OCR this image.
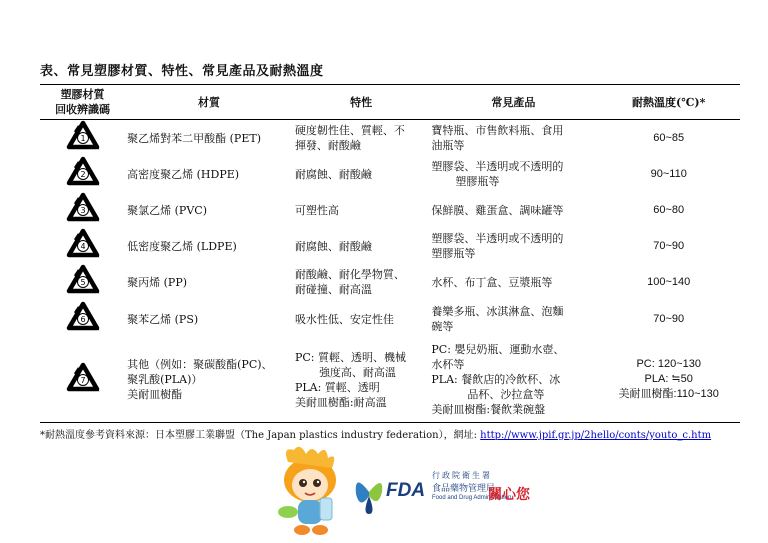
表、常見塑膠材質、特性、常見產品及耐熱溫度
塑膠材質
回收辨識碼	材質	特性	常見產品	耐熱溫度(℃)*

1	聚乙烯對苯二甲酸酯 (PET)	硬度韌性佳、質輕、不
揮發、耐酸鹼	寶特瓶、市售飲料瓶、食用
油瓶等	60~85

2	高密度聚乙烯 (HDPE)	耐腐蝕、耐酸鹼	塑膠袋、半透明或不透明的
塑膠瓶等	90~110

3	聚氯乙烯 (PVC)	可塑性高	保鮮膜、雞蛋盒、調味罐等	60~80

4	低密度聚乙烯 (LDPE)	耐腐蝕、耐酸鹼	塑膠袋、半透明或不透明的
塑膠瓶等	70~90

5	聚丙烯 (PP)	耐酸鹼、耐化學物質、
耐碰撞、耐高溫	水杯、布丁盒、豆漿瓶等	100~140

6	聚苯乙烯 (PS)	吸水性低、安定性佳	養樂多瓶、冰淇淋盒、泡麵
碗等	70~90

7	其他（例如：聚碳酸酯(PC)、
聚乳酸(PLA)）
美耐皿樹酯	PC: 質輕、透明、機械
強度高、耐高溫
PLA: 質輕、透明
美耐皿樹酯:耐高溫	PC: 嬰兒奶瓶、運動水壺、
水杯等
PLA: 餐飲店的冷飲杯、冰
品杯、沙拉盒等
美耐皿樹酯:餐飲業碗盤	PC: 120~130
PLA: ≒50
美耐皿樹酯:110~130
*耐熱溫度參考資料來源：日本塑膠工業聯盟（The Japan plastics industry federation），網址: http://www.jpif.gr.jp/2hello/conts/youto_c.htm
FDA
行政院衛生署
食品藥物管理局
Food and Drug Administration
關心您
